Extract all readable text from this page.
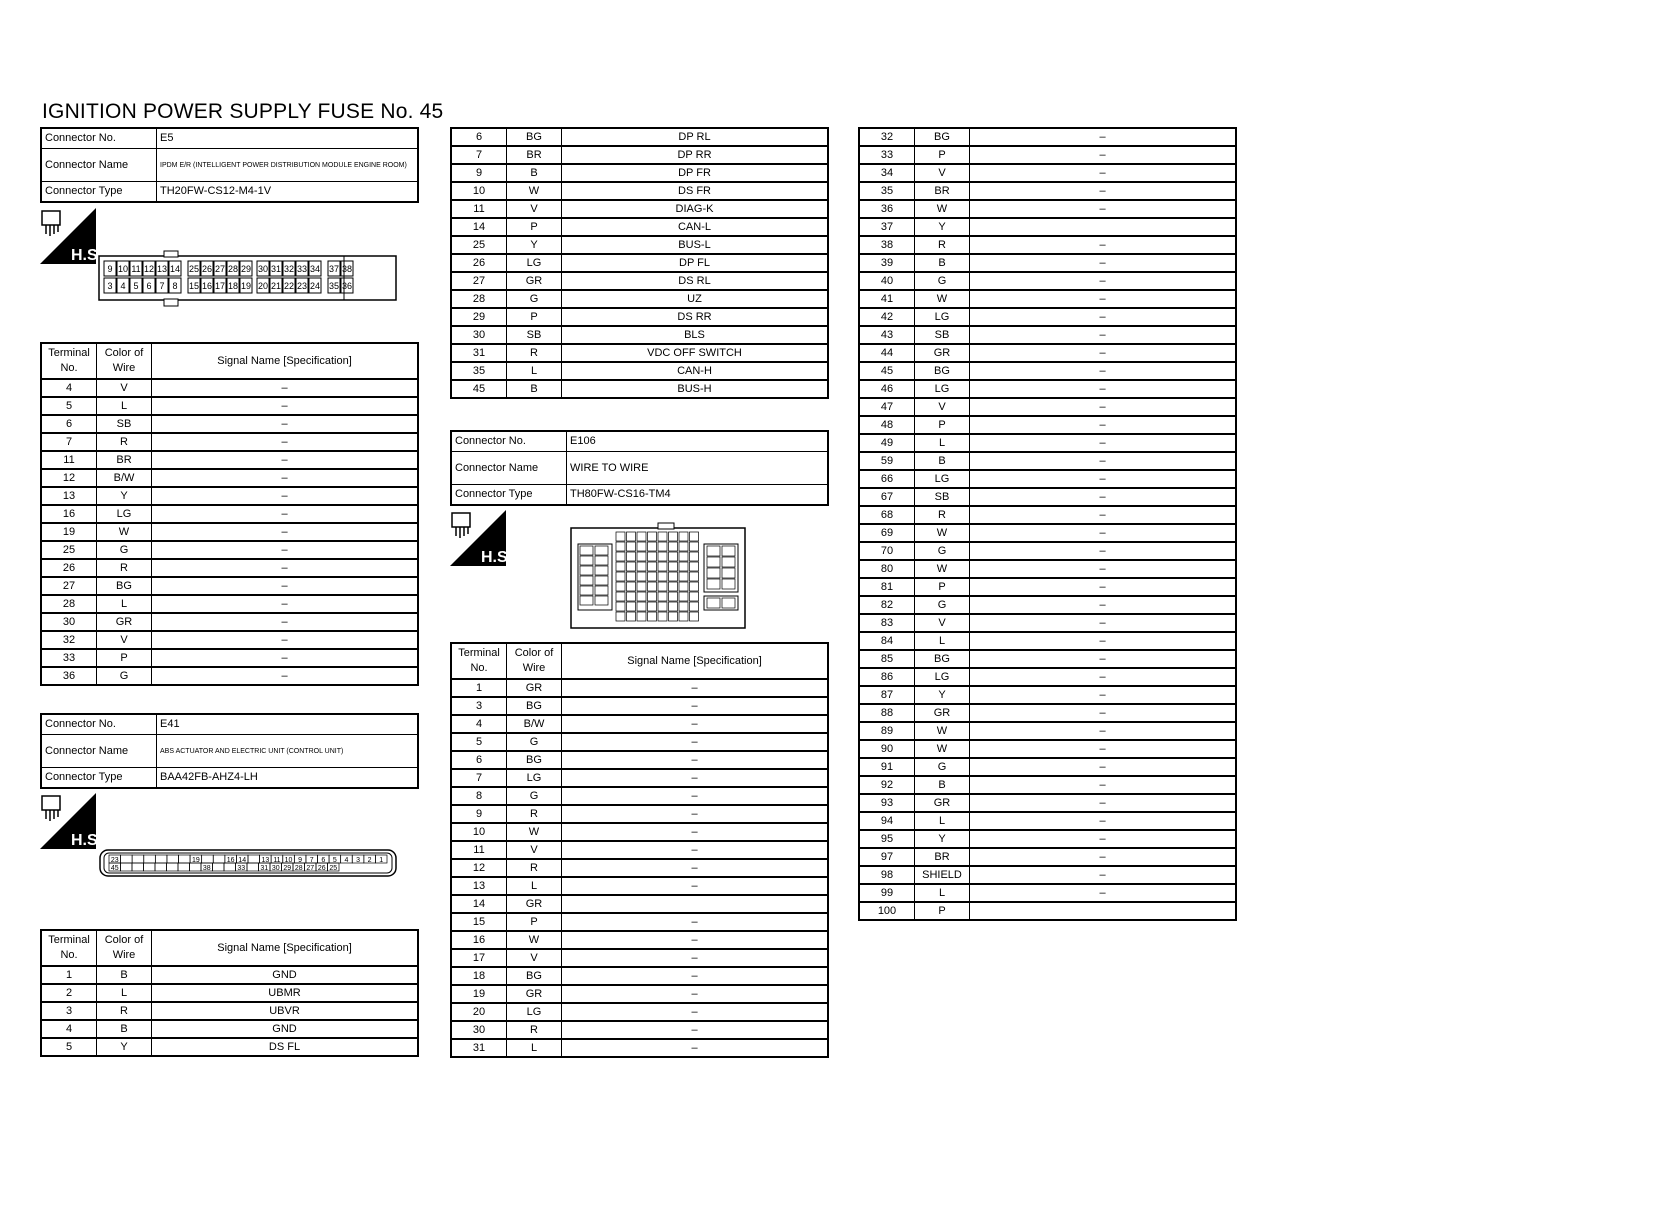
IGNITION POWER SUPPLY FUSE No. 45
Connector No.	E5
Connector Name	IPDM E/R (INTELLIGENT POWER DISTRIBUTION MODULE ENGINE ROOM)
Connector Type	TH20FW-CS12-M4-1V
H.S.
9 10 11 12 13 14 25 26 27 28 29 30 31 32 33 34 37 38
3 4 5 6 7 8 15 16 17 18 19 20 21 22 23 24 35 36
Terminal No.	Color of Wire	Signal Name [Specification]
4	V	–
5	L	–
6	SB	–
7	R	–
11	BR	–
12	B/W	–
13	Y	–
16	LG	–
19	W	–
25	G	–
26	R	–
27	BG	–
28	L	–
30	GR	–
32	V	–
33	P	–
36	G	–
Connector No.	E41
Connector Name	ABS ACTUATOR AND ELECTRIC UNIT (CONTROL UNIT)
Connector Type	BAA42FB-AHZ4-LH
H.S.
23	19	16 14 13 11 10 9 7 6 5 4 3 2 1
45	38	33 31 30 29 28 27 26 25
Terminal No.	Color of Wire	Signal Name [Specification]
1	B	GND
2	L	UBMR
3	R	UBVR
4	B	GND
5	Y	DS FL
6	BG	DP RL
7	BR	DP RR
9	B	DP FR
10	W	DS FR
11	V	DIAG-K
14	P	CAN-L
25	Y	BUS-L
26	LG	DP FL
27	GR	DS RL
28	G	UZ
29	P	DS RR
30	SB	BLS
31	R	VDC OFF SWITCH
35	L	CAN-H
45	B	BUS-H
Connector No.	E106
Connector Name	WIRE TO WIRE
Connector Type	TH80FW-CS16-TM4
H.S.
Terminal No.	Color of Wire	Signal Name [Specification]
1	GR	–
3	BG	–
4	B/W	–
5	G	–
6	BG	–
7	LG	–
8	G	–
9	R	–
10	W	–
11	V	–
12	R	–
13	L	–
14	GR	
15	P	–
16	W	–
17	V	–
18	BG	–
19	GR	–
20	LG	–
30	R	–
31	L	–
32	BG	–
33	P	–
34	V	–
35	BR	–
36	W	–
37	Y	
38	R	–
39	B	–
40	G	–
41	W	–
42	LG	–
43	SB	–
44	GR	–
45	BG	–
46	LG	–
47	V	–
48	P	–
49	L	–
59	B	–
66	LG	–
67	SB	–
68	R	–
69	W	–
70	G	–
80	W	–
81	P	–
82	G	–
83	V	–
84	L	–
85	BG	–
86	LG	–
87	Y	–
88	GR	–
89	W	–
90	W	–
91	G	–
92	B	–
93	GR	–
94	L	–
95	Y	–
97	BR	–
98	SHIELD	–
99	L	–
100	P	
